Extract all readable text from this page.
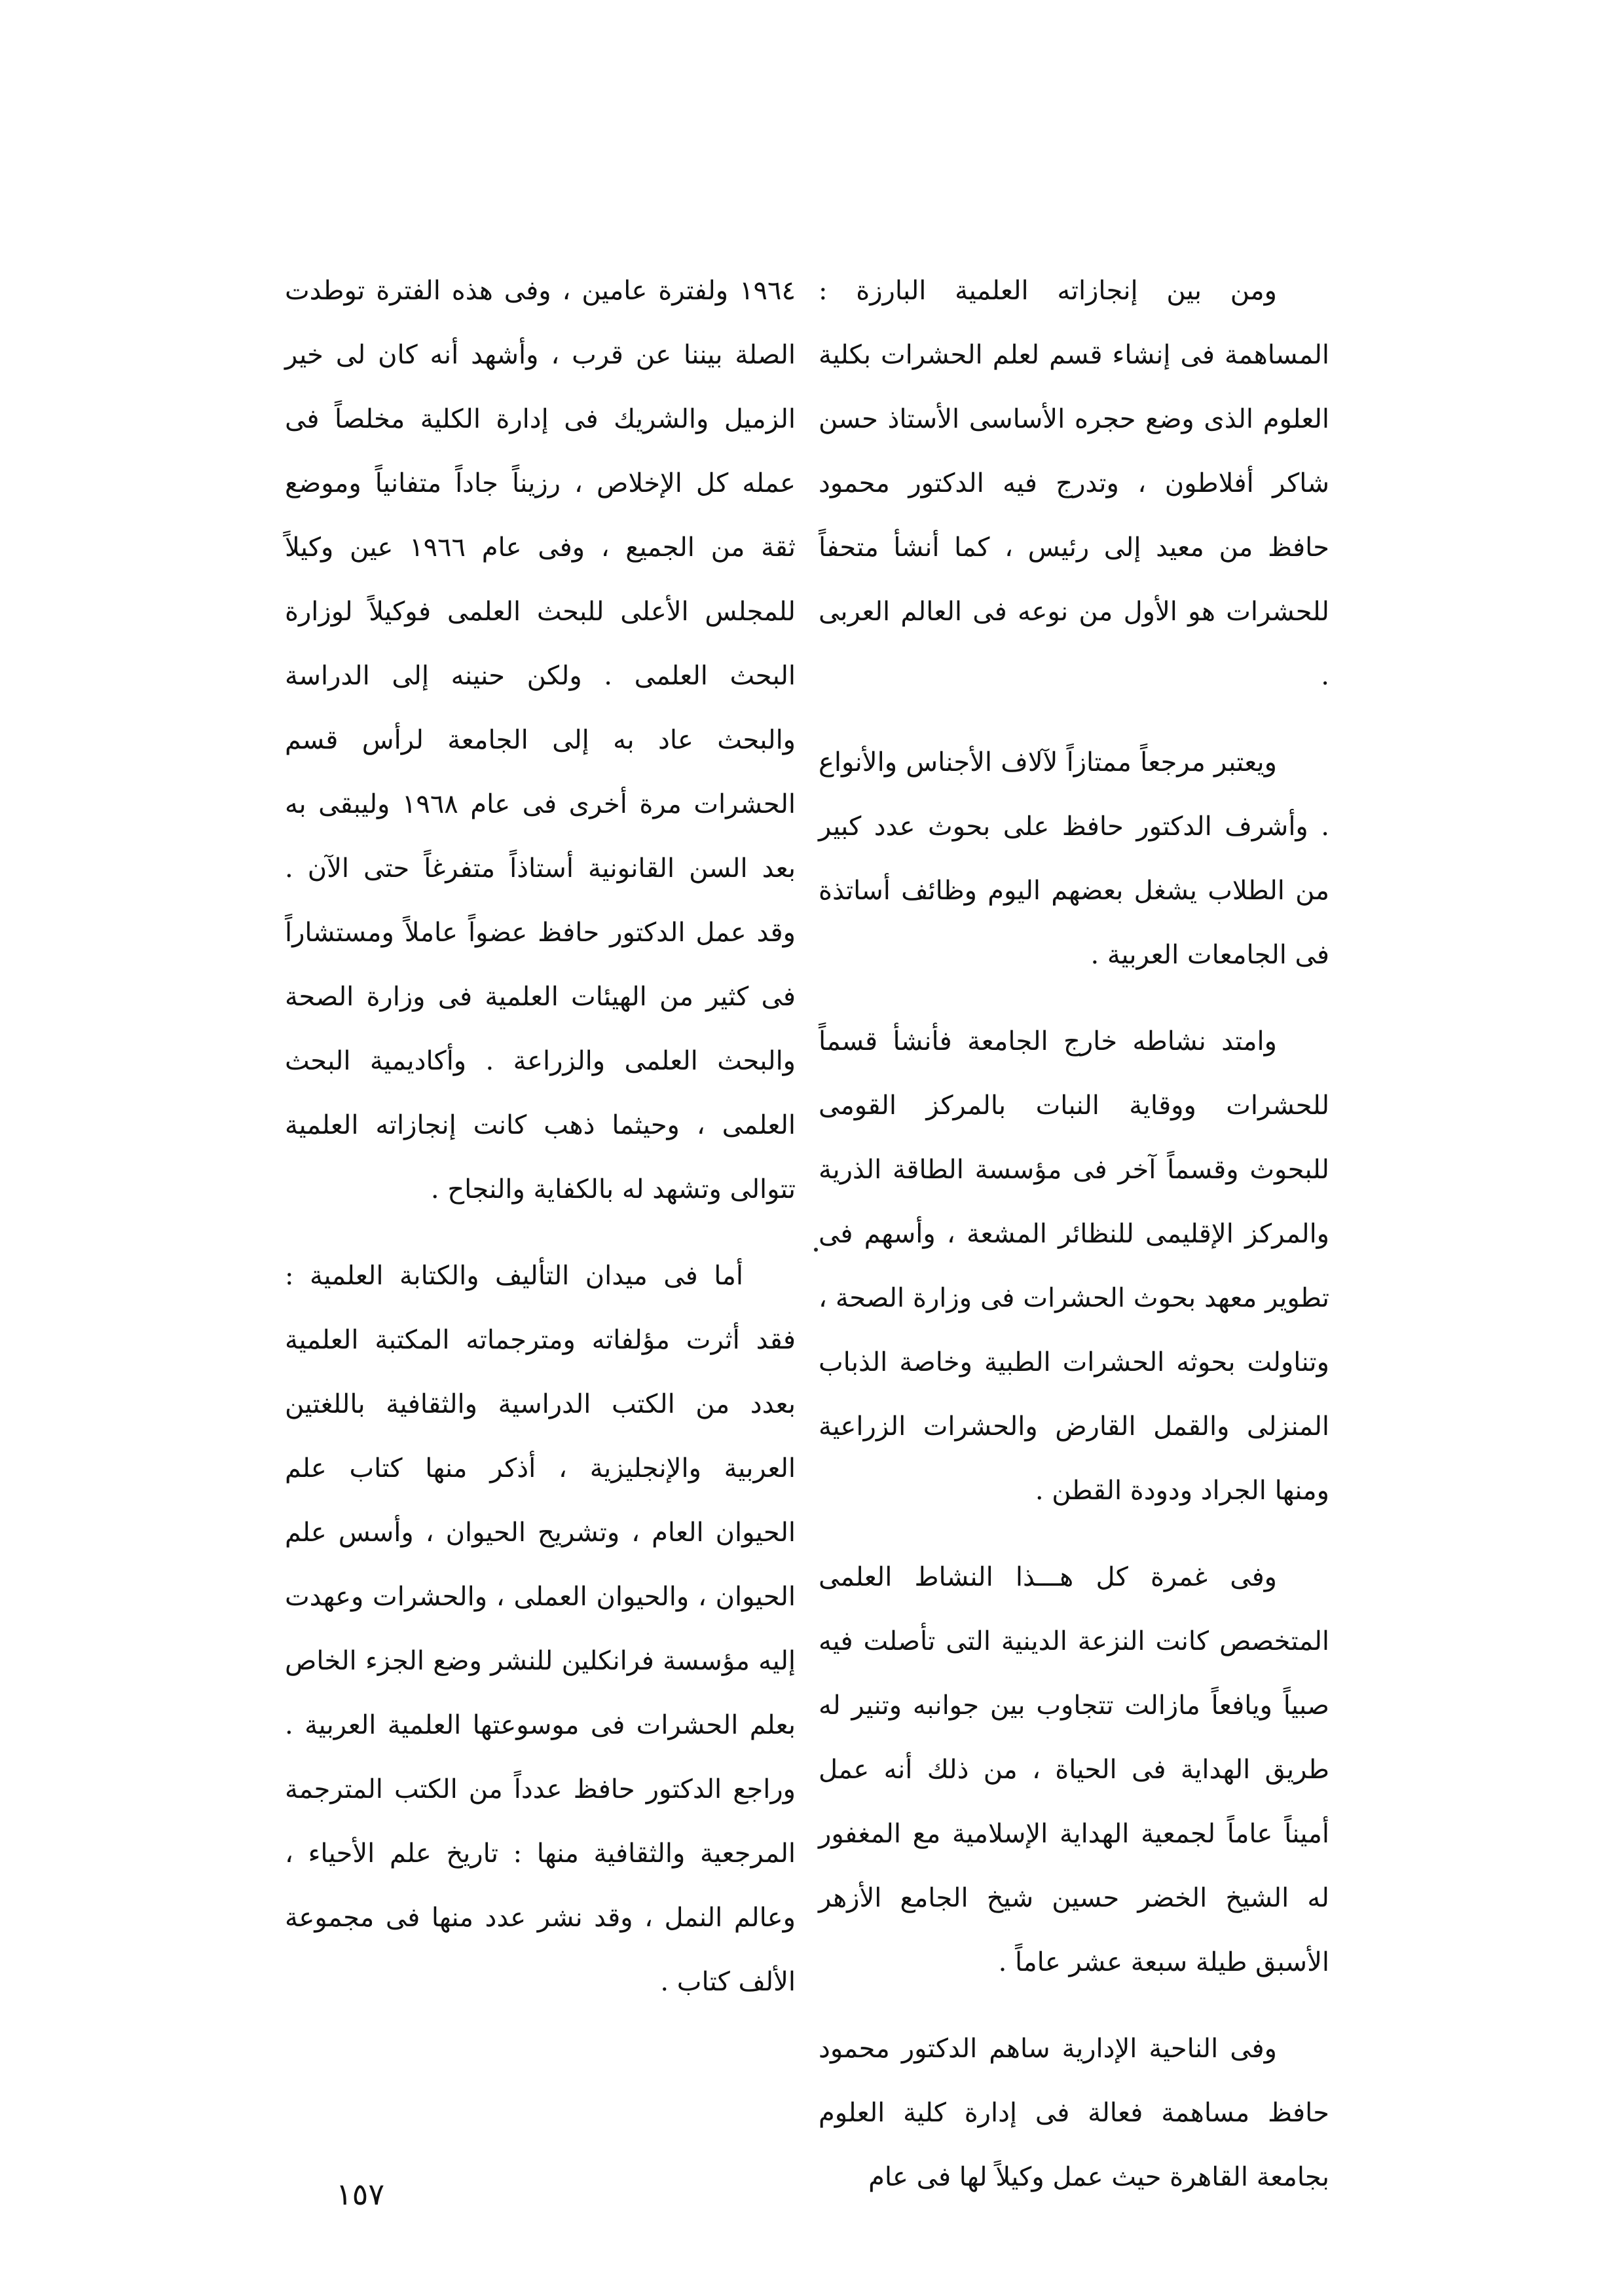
ومن بين إنجازاته العلمية البارزة : المساهمة فى إنشاء قسم لعلم الحشرات بكلية العلوم الذى وضع حجره الأساسى الأستاذ حسن شاكر أفلاطون ، وتدرج فيه الدكتور محمود حافظ من معيد إلى رئيس ، كما أنشأ متحفاً للحشرات هو الأول من نوعه فى العالم العربى .

ويعتبر مرجعاً ممتازاً لآلاف الأجناس والأنواع . وأشرف الدكتور حافظ على بحوث عدد كبير من الطلاب يشغل بعضهم اليوم وظائف أساتذة فى الجامعات العربية .

وامتد نشاطه خارج الجامعة فأنشأ قسماً للحشرات ووقاية النبات بالمركز القومى للبحوث وقسماً آخر فى مؤسسة الطاقة الذرية والمركز الإقليمى للنظائر المشعة ، وأسهم فى تطوير معهد بحوث الحشرات فى وزارة الصحة ، وتناولت بحوثه الحشرات الطبية وخاصة الذباب المنزلى والقمل القارض والحشرات الزراعية ومنها الجراد ودودة القطن .

وفى غمرة كل هـــذا النشاط العلمى المتخصص كانت النزعة الدينية التى تأصلت فيه صبياً ويافعاً مازالت تتجاوب بين جوانبه وتنير له طريق الهداية فى الحياة ، من ذلك أنه عمل أميناً عاماً لجمعية الهداية الإسلامية مع المغفور له الشيخ الخضر حسين شيخ الجامع الأزهر الأسبق طيلة سبعة عشر عاماً .

وفى الناحية الإدارية ساهم الدكتور محمود حافظ مساهمة فعالة فى إدارة كلية العلوم بجامعة القاهرة حيث عمل وكيلاً لها فى عام

١٩٦٤ ولفترة عامين ، وفى هذه الفترة توطدت الصلة بيننا عن قرب ، وأشهد أنه كان لى خير الزميل والشريك فى إدارة الكلية مخلصاً فى عمله كل الإخلاص ، رزيناً جاداً متفانياً وموضع ثقة من الجميع ، وفى عام ١٩٦٦ عين وكيلاً للمجلس الأعلى للبحث العلمى فوكيلاً لوزارة البحث العلمى . ولكن حنينه إلى الدراسة والبحث عاد به إلى الجامعة لرأس قسم الحشرات مرة أخرى فى عام ١٩٦٨ وليبقى به بعد السن القانونية أستاذاً متفرغاً حتى الآن . وقد عمل الدكتور حافظ عضواً عاملاً ومستشاراً فى كثير من الهيئات العلمية فى وزارة الصحة والبحث العلمى والزراعة . وأكاديمية البحث العلمى ، وحيثما ذهب كانت إنجازاته العلمية تتوالى وتشهد له بالكفاية والنجاح .

أما فى ميدان التأليف والكتابة العلمية : فقد أثرت مؤلفاته ومترجماته المكتبة العلمية بعدد من الكتب الدراسية والثقافية باللغتين العربية والإنجليزية ، أذكر منها كتاب علم الحيوان العام ، وتشريح الحيوان ، وأسس علم الحيوان ، والحيوان العملى ، والحشرات وعهدت إليه مؤسسة فرانكلين للنشر وضع الجزء الخاص بعلم الحشرات فى موسوعتها العلمية العربية . وراجع الدكتور حافظ عدداً من الكتب المترجمة المرجعية والثقافية منها : تاريخ علم الأحياء ، وعالم النمل ، وقد نشر عدد منها فى مجموعة الألف كتاب .

١٥٧
